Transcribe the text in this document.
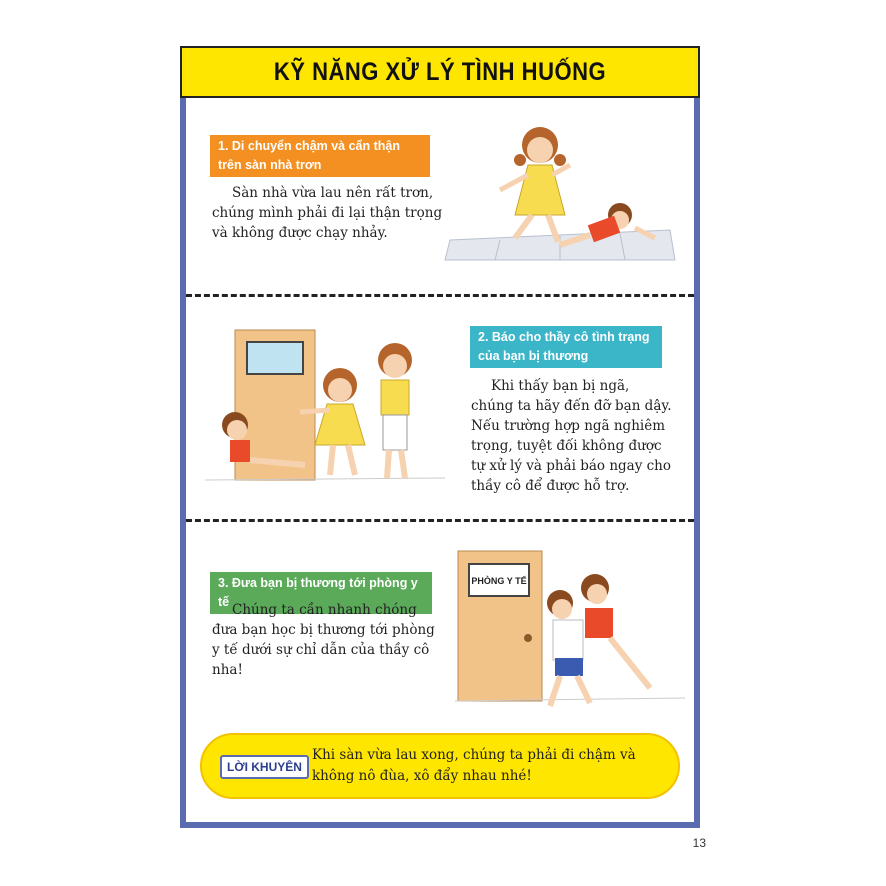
KỸ NĂNG XỬ LÝ TÌNH HUỐNG
1. Di chuyển chậm và cẩn thận trên sàn nhà trơn
Sàn nhà vừa lau nên rất trơn, chúng mình phải đi lại thận trọng và không được chạy nhảy.
2. Báo cho thầy cô tình trạng của bạn bị thương
Khi thấy bạn bị ngã, chúng ta hãy đến đỡ bạn dậy. Nếu trường hợp ngã nghiêm trọng, tuyệt đối không được tự xử lý và phải báo ngay cho thầy cô để được hỗ trợ.
3. Đưa bạn bị thương tới phòng y tế Chúng ta cần nhanh chóng đưa bạn học bị thương tới phòng y tế dưới sự chỉ dẫn của thầy cô nha!
PHÒNG Y TẾ
LỜI KHUYÊN
Khi sàn vừa lau xong, chúng ta phải đi chậm và không nô đùa, xô đẩy nhau nhé!
13
